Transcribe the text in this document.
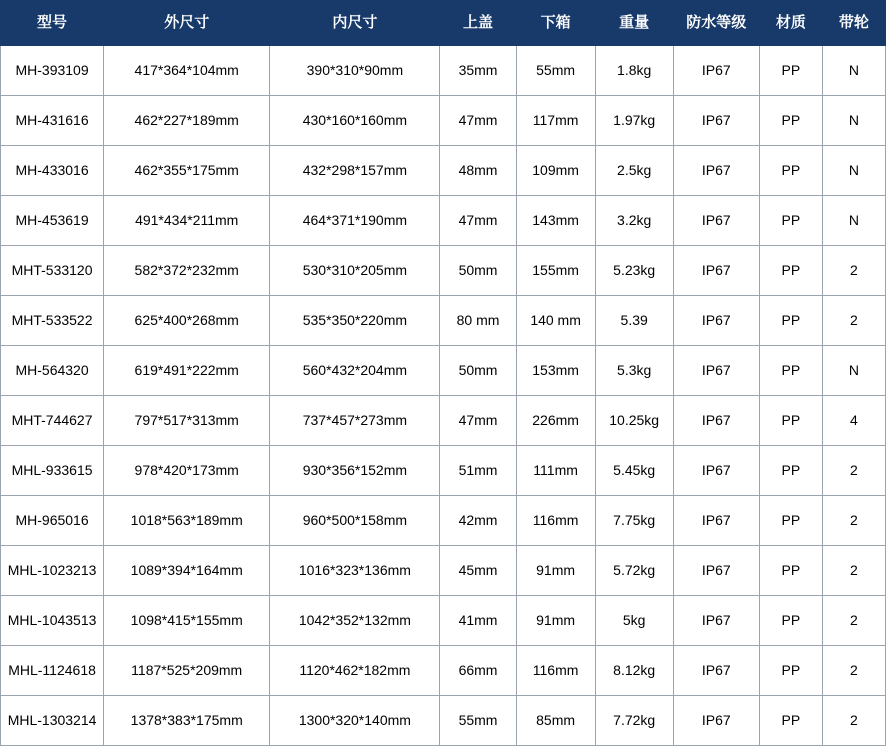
型号	外尺寸	内尺寸	上盖	下箱	重量	防水等级	材质	带轮
MH-393109	417*364*104mm	390*310*90mm	35mm	55mm	1.8kg	IP67	PP	N
MH-431616	462*227*189mm	430*160*160mm	47mm	117mm	1.97kg	IP67	PP	N
MH-433016	462*355*175mm	432*298*157mm	48mm	109mm	2.5kg	IP67	PP	N
MH-453619	491*434*211mm	464*371*190mm	47mm	143mm	3.2kg	IP67	PP	N
MHT-533120	582*372*232mm	530*310*205mm	50mm	155mm	5.23kg	IP67	PP	2
MHT-533522	625*400*268mm	535*350*220mm	80 mm	140 mm	5.39	IP67	PP	2
MH-564320	619*491*222mm	560*432*204mm	50mm	153mm	5.3kg	IP67	PP	N
MHT-744627	797*517*313mm	737*457*273mm	47mm	226mm	10.25kg	IP67	PP	4
MHL-933615	978*420*173mm	930*356*152mm	51mm	111mm	5.45kg	IP67	PP	2
MH-965016	1018*563*189mm	960*500*158mm	42mm	116mm	7.75kg	IP67	PP	2
MHL-1023213	1089*394*164mm	1016*323*136mm	45mm	91mm	5.72kg	IP67	PP	2
MHL-1043513	1098*415*155mm	1042*352*132mm	41mm	91mm	5kg	IP67	PP	2
MHL-1124618	1187*525*209mm	1120*462*182mm	66mm	116mm	8.12kg	IP67	PP	2
MHL-1303214	1378*383*175mm	1300*320*140mm	55mm	85mm	7.72kg	IP67	PP	2
